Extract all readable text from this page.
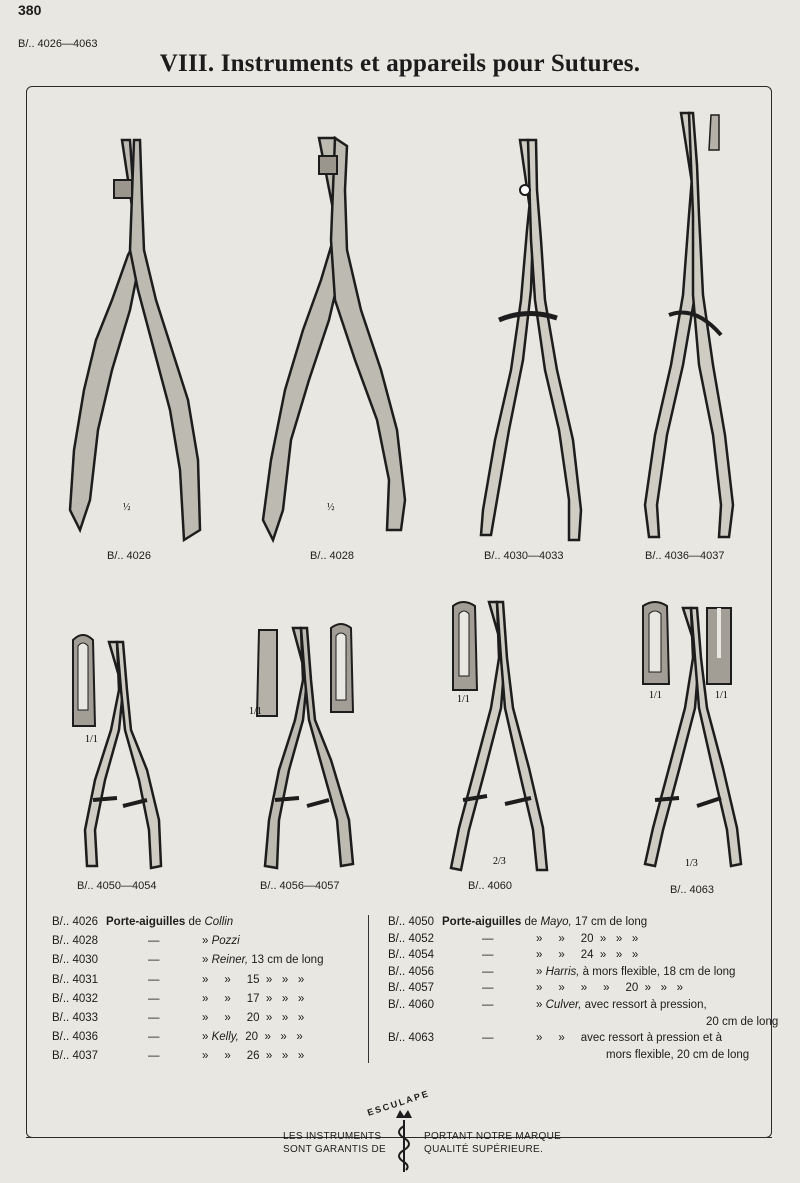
380
B/.. 4026—4063
VIII. Instruments et appareils pour Sutures.
½
B/.. 4026
½
B/.. 4028	B/.. 4030—4033	B/.. 4036—4037
1/1
B/.. 4050—4054
1/1
B/.. 4056—4057
1/1
2/3
B/.. 4060
1/1	1/1
1/3
B/.. 4063
B/.. 4026 Porte-aiguilles de Collin
B/.. 4028	—	» Pozzi
B/.. 4030	—	» Reiner, 13 cm de long
B/.. 4031	—	»     »     15  »   »   »
B/.. 4032	—	»     »     17  »   »   »
B/.. 4033	—	»     »     20  »   »   »
B/.. 4036	—	» Kelly,  20  »   »   »
B/.. 4037	—	»     »     26  »   »   »
B/.. 4050 Porte-aiguilles de Mayo, 17 cm de long
B/.. 4052	—	»     »     20  »   »   »
B/.. 4054	—	»     »     24  »   »   »
B/.. 4056	—	» Harris, à mors flexible, 18 cm de long
B/.. 4057	—	»     »     »     »     20  »   »   »
B/.. 4060	—	» Culver, avec ressort à pression,
20 cm de long
B/.. 4063	—	»     »     avec ressort à pression et à
mors flexible, 20 cm de long
LES INSTRUMENTS
SONT GARANTIS DE
PORTANT NOTRE MARQUE
QUALITÉ SUPÉRIEURE.
ESCULAPE
